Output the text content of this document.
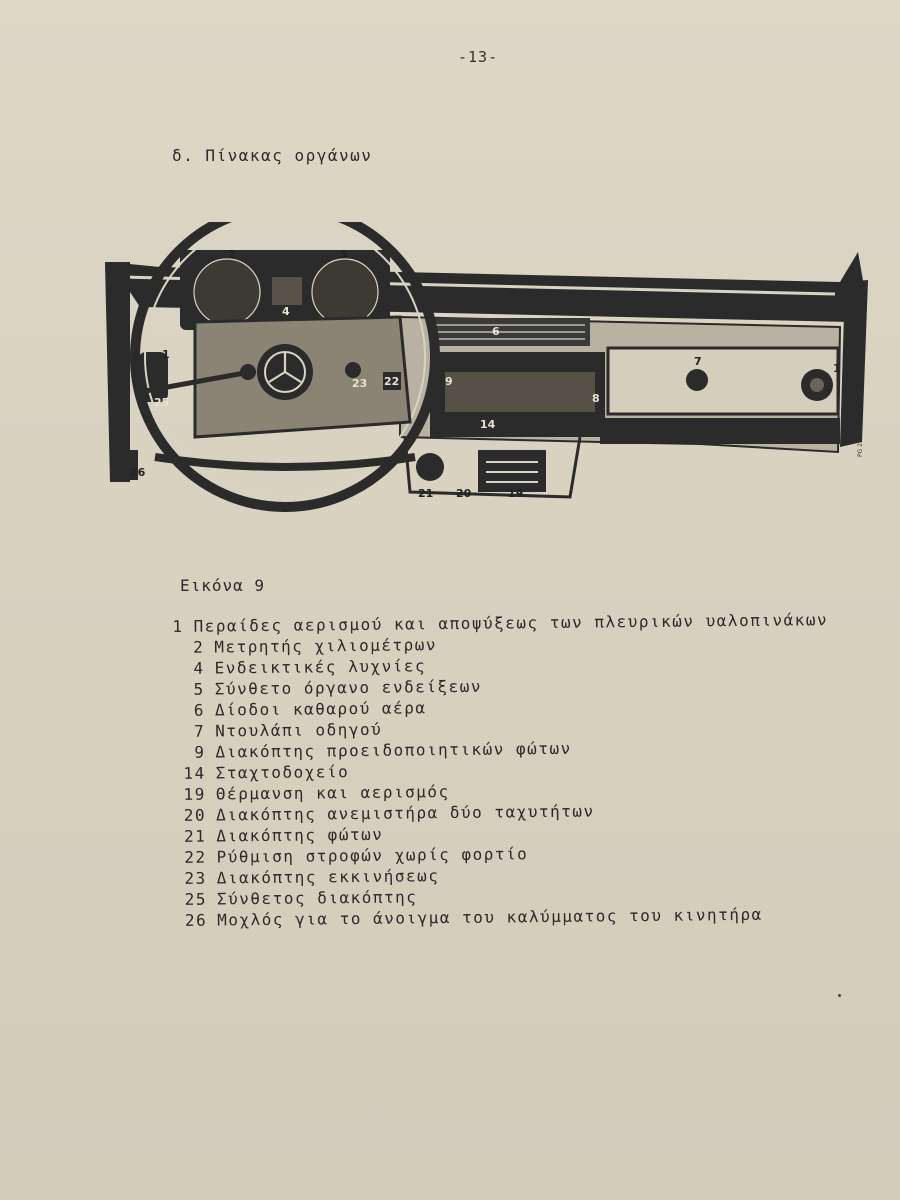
-13-
δ. Πίνακας οργάνων
2	5
4
6
7
1
8
9
1
22
23
25
14
26
21 20	19
PG 21 313
Εικόνα 9
1 Περαίδες αερισμού και αποψύξεως των πλευρικών υαλοπινάκων
2 Μετρητής χιλιομέτρων
4 Ενδεικτικές λυχνίες
5 Σύνθετο όργανο ενδείξεων
6 Δίοδοι καθαρού αέρα
7 Ντουλάπι οδηγού
9 Διακόπτης προειδοποιητικών φώτων
14 Σταχτοδοχείο
19 Θέρμανση και αερισμός
20 Διακόπτης ανεμιστήρα δύο ταχυτήτων
21 Διακόπτης φώτων
22 Ρύθμιση στροφών χωρίς φορτίο
23 Διακόπτης εκκινήσεως
25 Σύνθετος διακόπτης
26 Μοχλός για το άνοιγμα του καλύμματος του κινητήρα
